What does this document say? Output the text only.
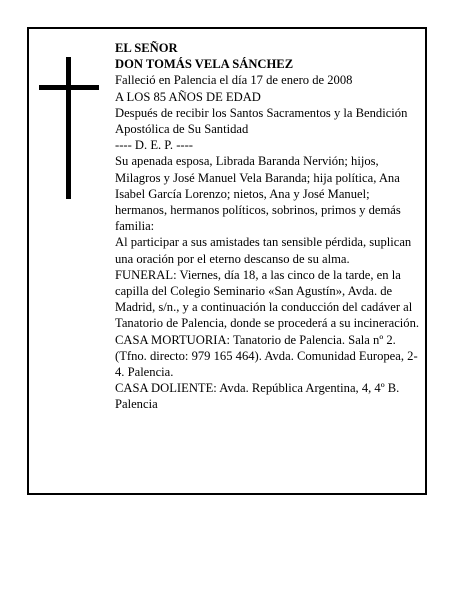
EL SEÑOR

DON TOMÁS VELA SÁNCHEZ

Falleció en Palencia el día 17 de enero de 2008

A LOS 85 AÑOS DE EDAD

Después de recibir los Santos Sacramentos y la Bendición Apostólica de Su Santidad

---- D. E. P. ----

Su apenada esposa, Librada Baranda Nervión; hijos, Milagros y José Manuel Vela Baranda; hija política, Ana Isabel García Lorenzo; nietos, Ana y José Manuel; hermanos, hermanos políticos, sobrinos, primos y demás familia:

Al participar a sus amistades tan sensible pérdida, suplican una oración por el eterno descanso de su alma.

FUNERAL: Viernes, día 18, a las cinco de la tarde, en la capilla del Colegio Seminario «San Agustín», Avda. de Madrid, s/n., y a continuación la conducción del cadáver al Tanatorio de Palencia, donde se procederá a su incineración.

CASA MORTUORIA: Tanatorio de Palencia. Sala nº 2. (Tfno. directo: 979 165 464). Avda. Comunidad Europea, 2-4. Palencia.

CASA DOLIENTE: Avda. República Argentina, 4, 4º B. Palencia
